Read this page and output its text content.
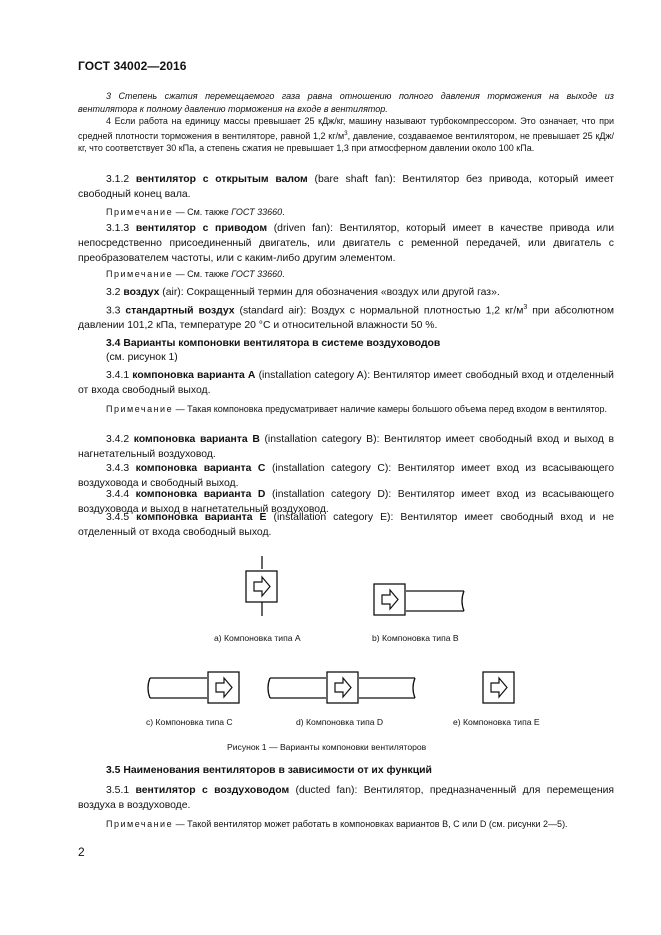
ГОСТ 34002—2016
3 Степень сжатия перемещаемого газа равна отношению полного давления торможения на выходе из вентилятора к полному давлению торможения на входе в вентилятор.
4 Если работа на единицу массы превышает 25 кДж/кг, машину называют турбокомпрессором. Это означает, что при средней плотности торможения в вентиляторе, равной 1,2 $кг/м^3$, давление, создаваемое вентилятором, не превышает 25 кДж/кг, что соответствует 30 кПа, а степень сжатия не превышает 1,3 при атмосферном давлении около 100 кПа.
3.1.2 вентилятор с открытым валом (bare shaft fan): Вентилятор без привода, который имеет свободный конец вала.
Примечание — См. также ГОСТ 33660.
3.1.3 вентилятор с приводом (driven fan): Вентилятор, который имеет в качестве привода или непосредственно присоединенный двигатель, или двигатель с ременной передачей, или двигатель с преобразователем частоты, или с каким-либо другим элементом.
Примечание — См. также ГОСТ 33660.
3.2 воздух (air): Сокращенный термин для обозначения «воздух или другой газ».
3.3 стандартный воздух (standard air): Воздух с нормальной плотностью 1,2 $кг/м^3$ при абсолютном давлении 101,2 кПа, температуре 20 °С и относительной влажности 50 %.
3.4 Варианты компоновки вентилятора в системе воздуховодов
(см. рисунок 1)
3.4.1 компоновка варианта А (installation category A): Вентилятор имеет свободный вход и отделенный от входа свободный выход.
Примечание — Такая компоновка предусматривает наличие камеры большого объема перед входом в вентилятор.
3.4.2 компоновка варианта В (installation category B): Вентилятор имеет свободный вход и выход в нагнетательный воздуховод.
3.4.3 компоновка варианта С (installation category C): Вентилятор имеет вход из всасывающего воздуховода и свободный выход.
3.4.4 компоновка варианта D (installation category D): Вентилятор имеет вход из всасывающего воздуховода и выход в нагнетательный воздуховод.
3.4.5 компоновка варианта Е (installation category E): Вентилятор имеет свободный вход и не отделенный от входа свободный выход.
a) Компоновка типа А	b) Компоновка типа В
c) Компоновка типа С	d) Компоновка типа D	e) Компоновка типа Е
Рисунок 1 — Варианты компоновки вентиляторов
3.5 Наименования вентиляторов в зависимости от их функций
3.5.1 вентилятор с воздуховодом (ducted fan): Вентилятор, предназначенный для перемещения воздуха в воздуховоде.
Примечание — Такой вентилятор может работать в компоновках вариантов В, С или D (см. рисунки 2—5).
2
